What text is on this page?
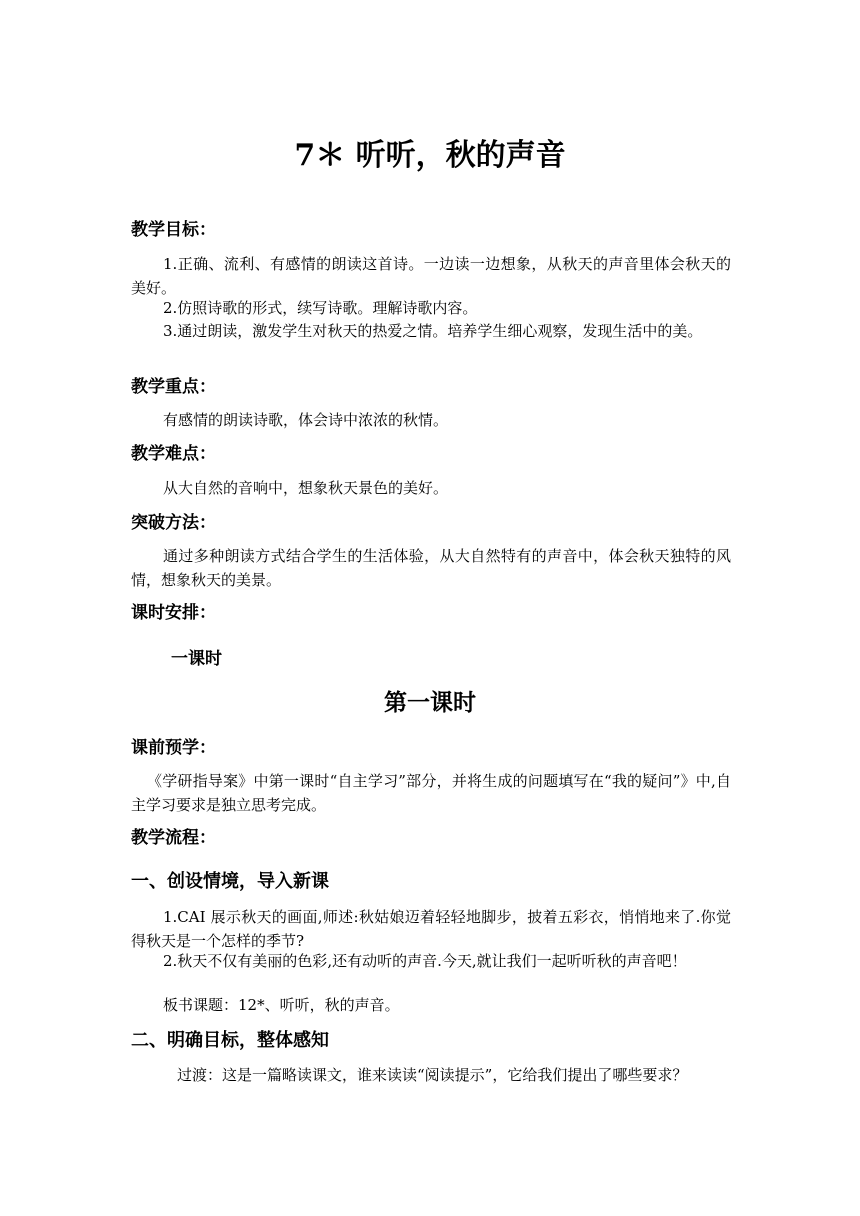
7＊ 听听，秋的声音
教学目标：
1.正确、流利、有感情的朗读这首诗。一边读一边想象，从秋天的声音里体会秋天的美好。
2.仿照诗歌的形式，续写诗歌。理解诗歌内容。
3.通过朗读，激发学生对秋天的热爱之情。培养学生细心观察，发现生活中的美。
教学重点：
有感情的朗读诗歌，体会诗中浓浓的秋情。
教学难点：
从大自然的音响中，想象秋天景色的美好。
突破方法：
通过多种朗读方式结合学生的生活体验，从大自然特有的声音中，体会秋天独特的风情，想象秋天的美景。
课时安排：
一课时
第一课时
课前预学：
《学研指导案》中第一课时“自主学习”部分，并将生成的问题填写在“我的疑问”》中,自主学习要求是独立思考完成。
教学流程：
一、创设情境，导入新课
1.CAI 展示秋天的画面,师述:秋姑娘迈着轻轻地脚步，披着五彩衣，悄悄地来了.你觉得秋天是一个怎样的季节?
2.秋天不仅有美丽的色彩,还有动听的声音.今天,就让我们一起听听秋的声音吧！
板书课题：12*、听听，秋的声音。
二、明确目标，整体感知
过渡：这是一篇略读课文，谁来读读“阅读提示”，它给我们提出了哪些要求？
